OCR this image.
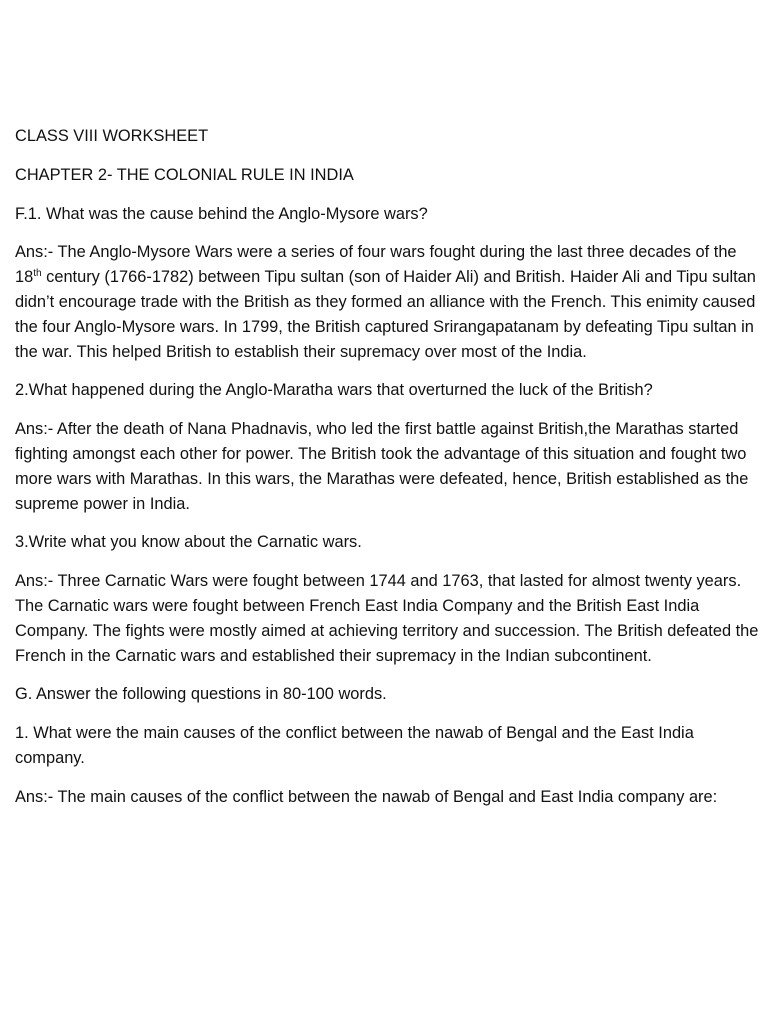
CLASS VIII WORKSHEET

CHAPTER 2- THE COLONIAL RULE IN INDIA

F.1. What was the cause behind the Anglo-Mysore wars?

Ans:- The Anglo-Mysore Wars were a series of four wars fought during the last three decades of the 18th century (1766-1782) between Tipu sultan (son of Haider Ali) and British. Haider Ali and Tipu sultan didn’t encourage trade with the British as they formed an alliance with the French. This enimity caused the four Anglo-Mysore wars. In 1799, the British captured Srirangapatanam by defeating Tipu sultan in the war. This helped British to establish their supremacy over most of the India.

2.What happened during the Anglo-Maratha wars that overturned the luck of the British?

Ans:- After the death of Nana Phadnavis, who led the first battle against British,the Marathas started fighting amongst each other for power. The British took the advantage of this situation and fought two more wars with Marathas. In this wars, the Marathas were defeated, hence, British established as the supreme power in India.

3.Write what you know about the Carnatic wars.

Ans:- Three Carnatic Wars were fought between 1744 and 1763, that lasted for almost twenty years. The Carnatic wars were fought between French East India Company and the British East India Company. The fights were mostly aimed at achieving territory and succession. The British defeated the French in the Carnatic wars and established their supremacy in the Indian subcontinent.

G. Answer the following questions in 80-100 words.

1. What were the main causes of the conflict between the nawab of Bengal and the East India company.

Ans:- The main causes of the conflict between the nawab of Bengal and East India company are:
